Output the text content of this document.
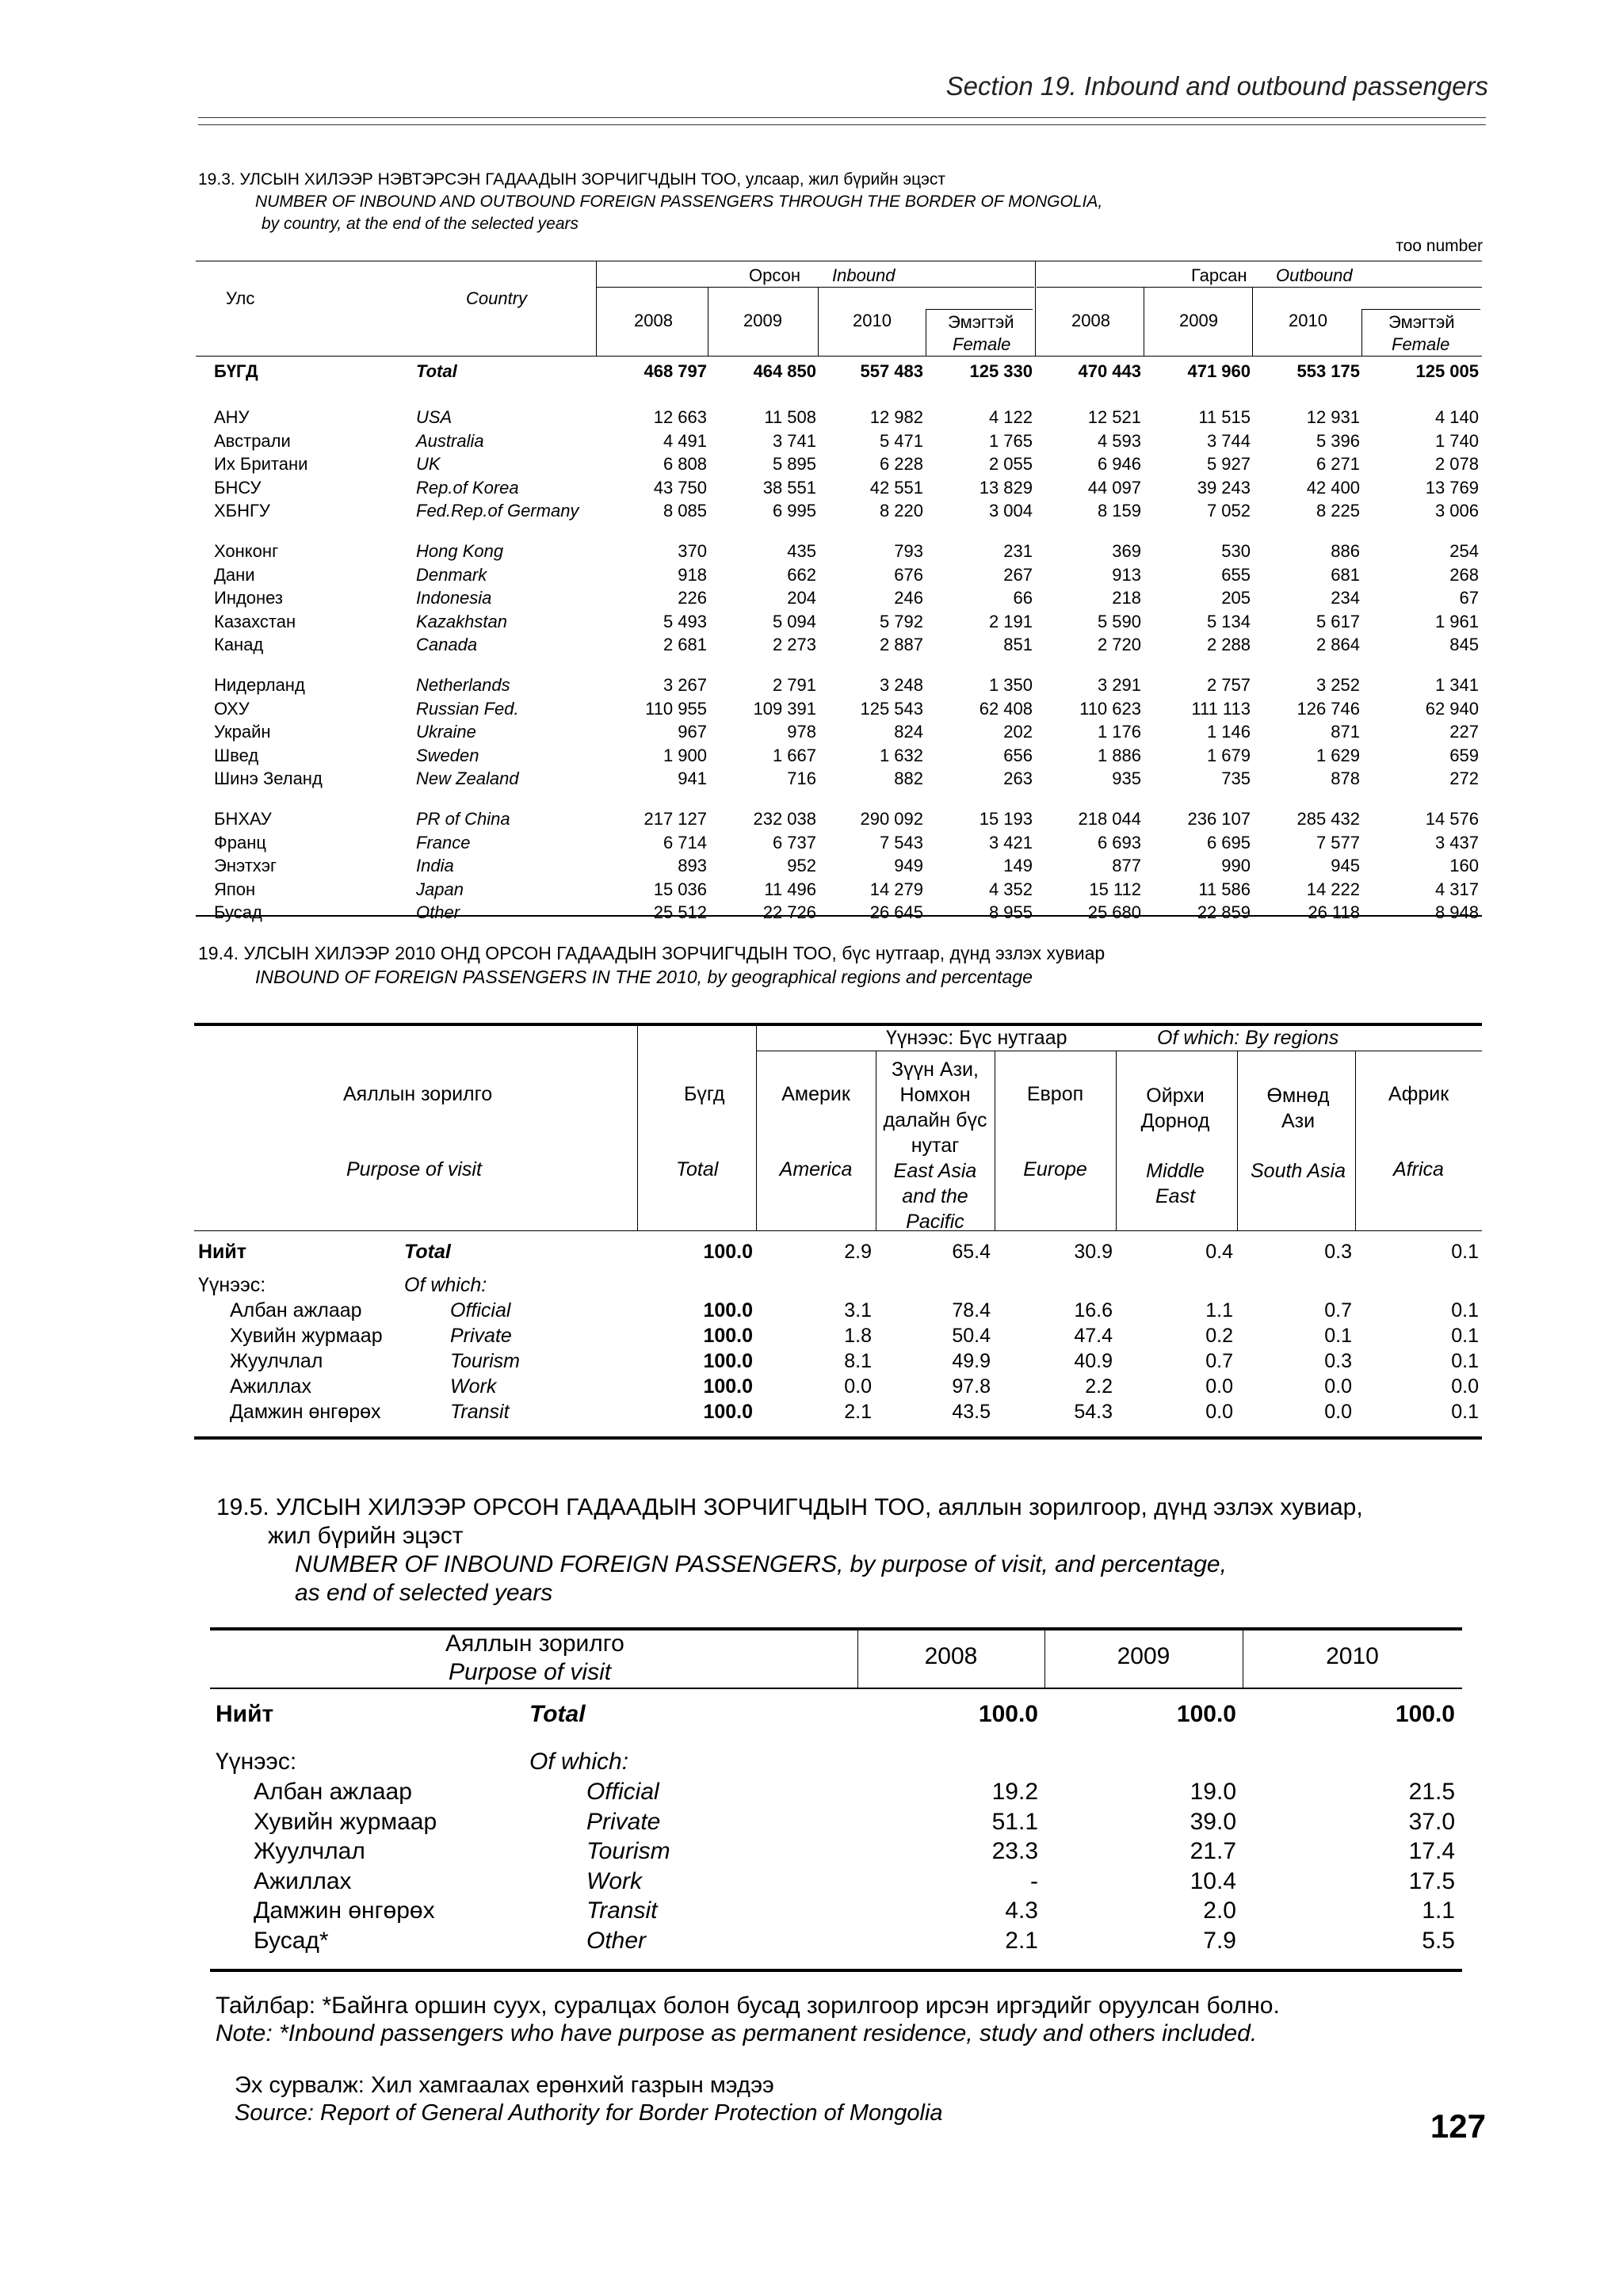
Section 19. Inbound and outbound passengers
19.3. УЛСЫН ХИЛЭЭР НЭВТЭРСЭН ГАДААДЫН ЗОРЧИГЧДЫН ТОО, улсаар, жил бүрийн эцэст
NUMBER OF INBOUND AND OUTBOUND FOREIGN PASSENGERS THROUGH THE BORDER OF MONGOLIA,
by country, at the end of the selected years
тоо number
Улс	Country
Орсон Inbound	Гарсан Outbound
2008	2009	2010	Эмэгтэй
Female
2008	2009	2010	Эмэгтэй
Female
БҮГД	Total	468 797	464 850	557 483	125 330	470 443	471 960	553 175	125 005
АНУ	USA	12 663	11 508	12 982	4 122	12 521	11 515	12 931	4 140
Австрали	Australia	4 491	3 741	5 471	1 765	4 593	3 744	5 396	1 740
Их Британи	UK	6 808	5 895	6 228	2 055	6 946	5 927	6 271	2 078
БНСУ	Rep.of Korea	43 750	38 551	42 551	13 829	44 097	39 243	42 400	13 769
ХБНГУ	Fed.Rep.of Germany	8 085	6 995	8 220	3 004	8 159	7 052	8 225	3 006
Хонконг	Hong Kong	370	435	793	231	369	530	886	254
Дани	Denmark	918	662	676	267	913	655	681	268
Индонез	Indonesia	226	204	246	66	218	205	234	67
Казахстан	Kazakhstan	5 493	5 094	5 792	2 191	5 590	5 134	5 617	1 961
Канад	Canada	2 681	2 273	2 887	851	2 720	2 288	2 864	845
Нидерланд	Netherlands	3 267	2 791	3 248	1 350	3 291	2 757	3 252	1 341
ОХУ	Russian Fed.	110 955	109 391	125 543	62 408	110 623	111 113	126 746	62 940
Украйн	Ukraine	967	978	824	202	1 176	1 146	871	227
Швед	Sweden	1 900	1 667	1 632	656	1 886	1 679	1 629	659
Шинэ Зеланд	New Zealand	941	716	882	263	935	735	878	272
БНХАУ	PR of China	217 127	232 038	290 092	15 193	218 044	236 107	285 432	14 576
Франц	France	6 714	6 737	7 543	3 421	6 693	6 695	7 577	3 437
Энэтхэг	India	893	952	949	149	877	990	945	160
Япон	Japan	15 036	11 496	14 279	4 352	15 112	11 586	14 222	4 317
Бусад	Other	25 512	22 726	26 645	8 955	25 680	22 859	26 118	8 948
19.4. УЛСЫН ХИЛЭЭР 2010 ОНД ОРСОН ГАДААДЫН ЗОРЧИГЧДЫН ТОО, бүс нутгаар, дүнд эзлэх хувиар
INBOUND OF FOREIGN PASSENGERS IN THE 2010, by geographical regions and percentage
Үүнээс: Бүс нутгаар	Of which: By regions
Аяллын зорилго
Purpose of visit
Бүгд
Total
Америк
America
Зүүн Ази, Номхон далайн бүс нутаг
East Asia and the Pacific
Европ
Europe
Ойрхи Дорнод
Middle East
Өмнөд Ази
South Asia
Африк
Africa
Нийт	Total	100.0	2.9	65.4	30.9	0.4	0.3	0.1
Үүнээс:	Of which:
Албан ажлаар	Official	100.0	3.1	78.4	16.6	1.1	0.7	0.1
Хувийн журмаар	Private	100.0	1.8	50.4	47.4	0.2	0.1	0.1
Жуулчлал	Tourism	100.0	8.1	49.9	40.9	0.7	0.3	0.1
Ажиллах	Work	100.0	0.0	97.8	2.2	0.0	0.0	0.0
Дамжин өнгөрөх	Transit	100.0	2.1	43.5	54.3	0.0	0.0	0.1
19.5. УЛСЫН ХИЛЭЭР ОРСОН ГАДААДЫН ЗОРЧИГЧДЫН ТОО, аяллын зорилгоор, дүнд эзлэх хувиар,
жил бүрийн эцэст
NUMBER OF INBOUND FOREIGN PASSENGERS, by purpose of visit, and percentage,
as end of selected years
Аяллын зорилго
Purpose of visit
2008	2009	2010
Нийт	Total	100.0	100.0	100.0
Үүнээс:	Of which:
Албан ажлаар	Official	19.2	19.0	21.5
Хувийн журмаар	Private	51.1	39.0	37.0
Жуулчлал	Tourism	23.3	21.7	17.4
Ажиллах	Work	-	10.4	17.5
Дамжин өнгөрөх	Transit	4.3	2.0	1.1
Бусад*	Other	2.1	7.9	5.5
Тайлбар: *Байнга оршин суух, суралцах болон бусад зорилгоор ирсэн иргэдийг оруулсан болно.
Note: *Inbound passengers who have purpose as permanent residence, study and others included.
Эх сурвалж: Хил хамгаалах ерөнхий газрын мэдээ
Source: Report of General Authority for Border Protection of Mongolia	127
